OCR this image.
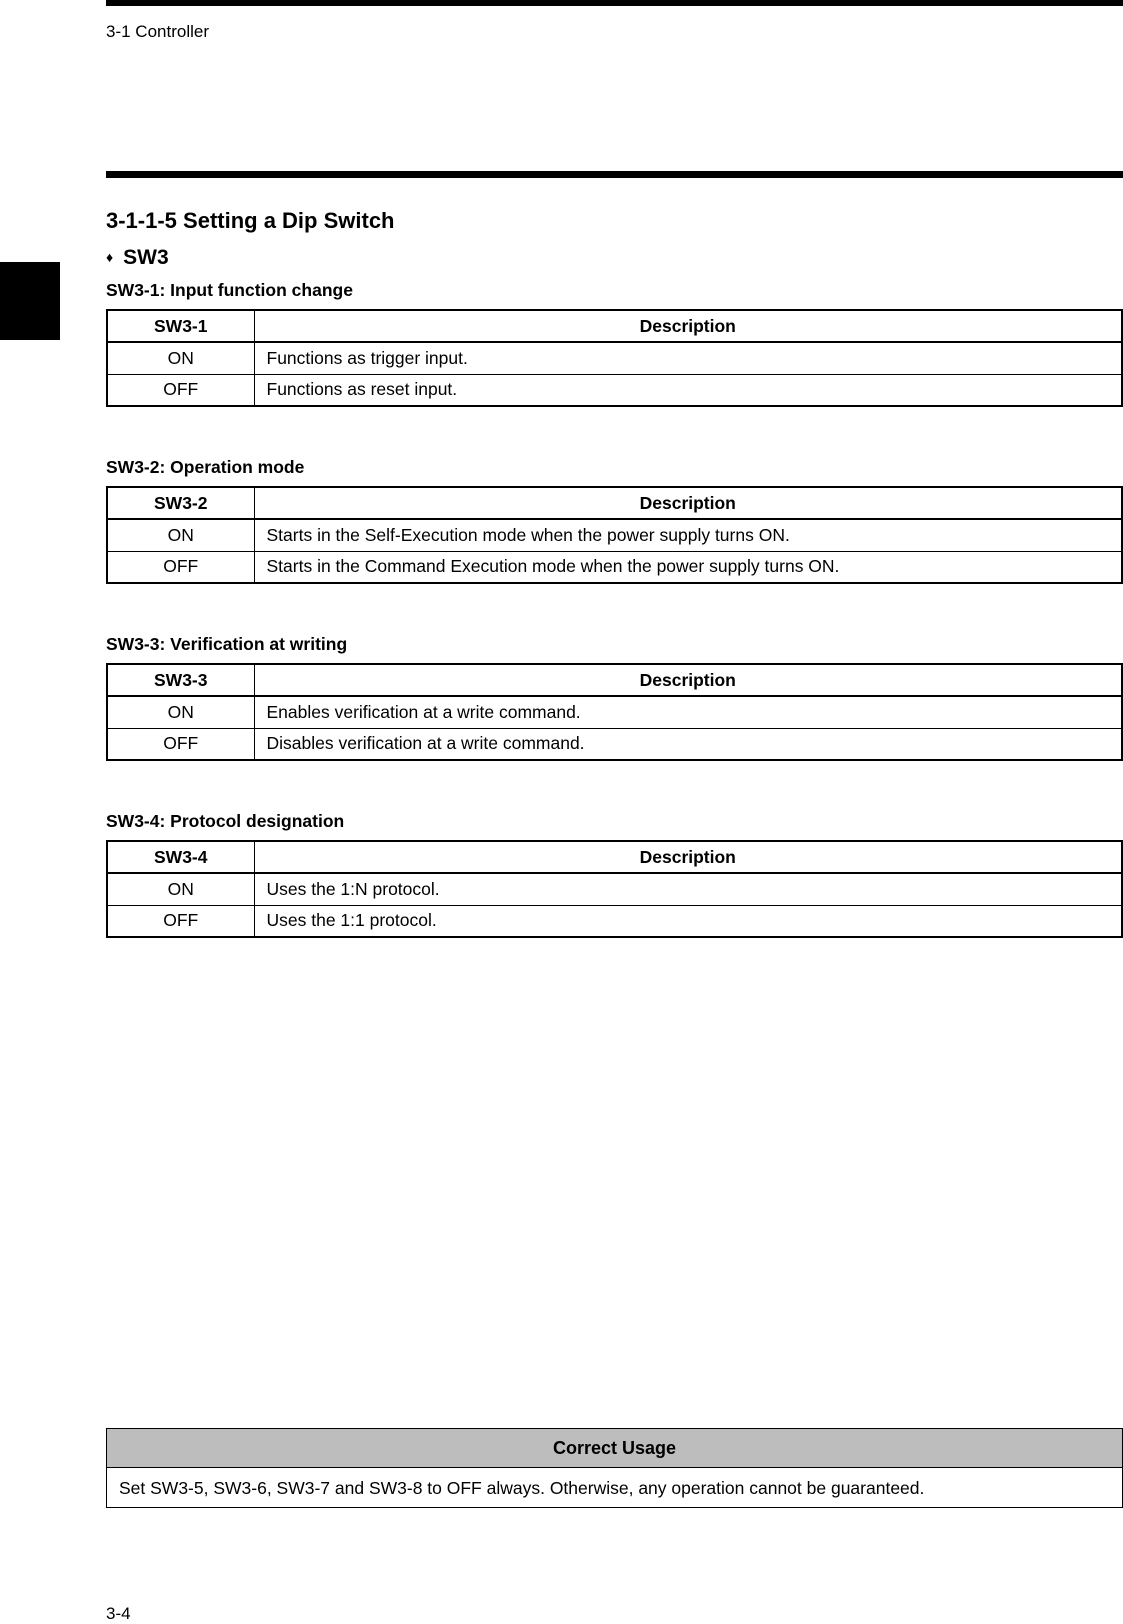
3-1 Controller
3-1-1-5 Setting a Dip Switch
♦ SW3
SW3-1: Input function change
SW3-1	Description
ON	Functions as trigger input.
OFF	Functions as reset input.
SW3-2: Operation mode
SW3-2	Description
ON	Starts in the Self-Execution mode when the power supply turns ON.
OFF	Starts in the Command Execution mode when the power supply turns ON.
SW3-3: Verification at writing
SW3-3	Description
ON	Enables verification at a write command.
OFF	Disables verification at a write command.
SW3-4: Protocol designation
SW3-4	Description
ON	Uses the 1:N protocol.
OFF	Uses the 1:1 protocol.
Correct Usage
Set SW3-5, SW3-6, SW3-7 and SW3-8 to OFF always. Otherwise, any operation cannot be guaranteed.
3-4
